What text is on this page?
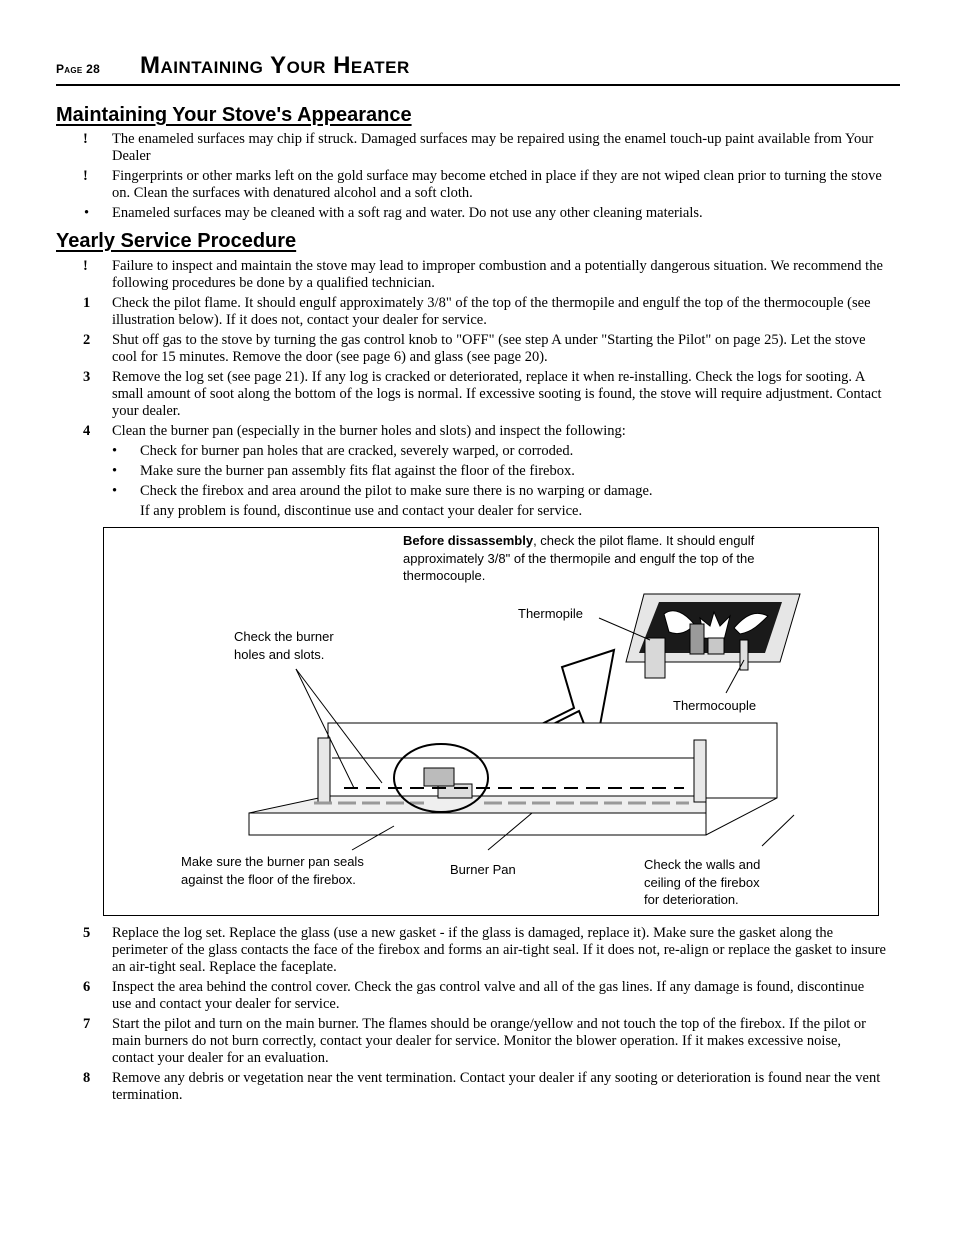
Page 28 Maintaining Your Heater
Maintaining Your Stove's Appearance
! The enameled surfaces may chip if struck. Damaged surfaces may be repaired using the enamel touch-up paint available from Your Dealer
! Fingerprints or other marks left on the gold surface may become etched in place if they are not wiped clean prior to turning the stove on. Clean the surfaces with denatured alcohol and a soft cloth.
• Enameled surfaces may be cleaned with a soft rag and water. Do not use any other cleaning materials.
Yearly Service Procedure
! Failure to inspect and maintain the stove may lead to improper combustion and a potentially dangerous situation. We recommend the following procedures be done by a qualified technician.
1 Check the pilot flame. It should engulf approximately 3/8" of the top of the thermopile and engulf the top of the thermocouple (see illustration below). If it does not, contact your dealer for service.
2 Shut off gas to the stove by turning the gas control knob to "OFF" (see step A under "Starting the Pilot" on page 25). Let the stove cool for 15 minutes. Remove the door (see page 6) and glass (see page 20).
3 Remove the log set (see page 21). If any log is cracked or deteriorated, replace it when re-installing. Check the logs for sooting. A small amount of soot along the bottom of the logs is normal. If excessive sooting is found, the stove will require adjustment. Contact your dealer.
4 Clean the burner pan (especially in the burner holes and slots) and inspect the following:
• Check for burner pan holes that are cracked, severely warped, or corroded.
• Make sure the burner pan assembly fits flat against the floor of the firebox.
• Check the firebox and area around the pilot to make sure there is no warping or damage.
If any problem is found, discontinue use and contact your dealer for service.
Before dissassembly, check the pilot flame. It should engulf approximately 3/8" of the thermopile and engulf the top of the thermocouple.
Thermopile
Thermocouple
Check the burner
holes and slots.
Make sure the burner pan seals
against the floor of the firebox.
Burner Pan	Check the walls and
ceiling of the firebox
for deterioration.
5 Replace the log set. Replace the glass (use a new gasket - if the glass is damaged, replace it). Make sure the gasket along the perimeter of the glass contacts the face of the firebox and forms an air-tight seal. If it does not, re-align or replace the gasket to insure an air-tight seal. Replace the faceplate.
6 Inspect the area behind the control cover. Check the gas control valve and all of the gas lines. If any damage is found, discontinue use and contact your dealer for service.
7 Start the pilot and turn on the main burner. The flames should be orange/yellow and not touch the top of the firebox. If the pilot or main burners do not burn correctly, contact your dealer for service. Monitor the blower operation. If it makes excessive noise, contact your dealer for an evaluation.
8 Remove any debris or vegetation near the vent termination. Contact your dealer if any sooting or deterioration is found near the vent termination.
